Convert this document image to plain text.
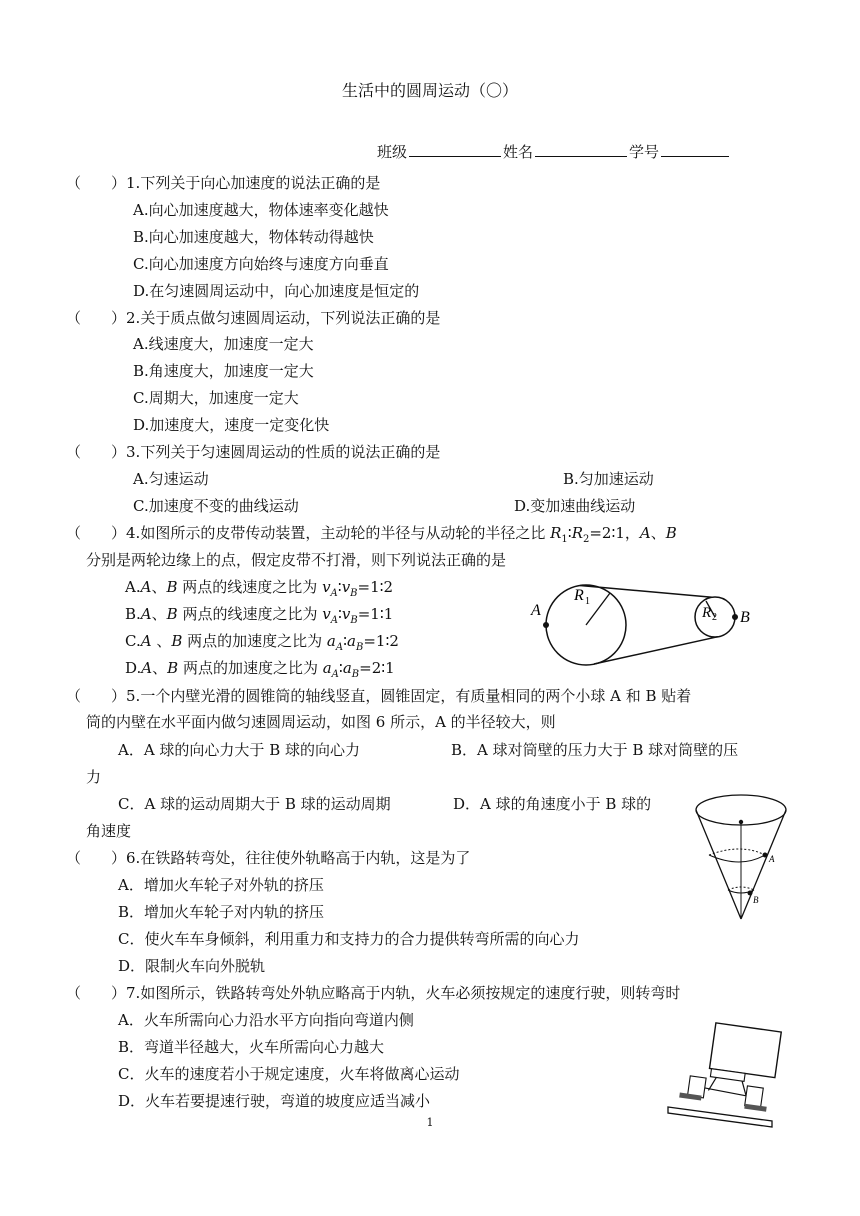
生活中的圆周运动（〇）
班级	姓名	学号
（　　）1.下列关于向心加速度的说法正确的是
A.向心加速度越大，物体速率变化越快
B.向心加速度越大，物体转动得越快
C.向心加速度方向始终与速度方向垂直
D.在匀速圆周运动中，向心加速度是恒定的
（　　）2.关于质点做匀速圆周运动，下列说法正确的是
A.线速度大，加速度一定大
B.角速度大，加速度一定大
C.周期大，加速度一定大
D.加速度大，速度一定变化快
（　　）3.下列关于匀速圆周运动的性质的说法正确的是
A.匀速运动	B.匀加速运动
C.加速度不变的曲线运动	D.变加速曲线运动
（　　）4.如图所示的皮带传动装置，主动轮的半径与从动轮的半径之比 $R_1∶R_2=2∶1$，A、B
分别是两轮边缘上的点，假定皮带不打滑，则下列说法正确的是
A.A、B 两点的线速度之比为 $v_A∶v_B=1∶2$
B.A、B 两点的线速度之比为 $v_A∶v_B=1∶1$
C.A 、B 两点的加速度之比为 $a_A∶a_B=1∶2$
D.A、B 两点的加速度之比为 $a_A∶a_B=2∶1$
A	B
R 1
R 2
（　　）5.一个内壁光滑的圆锥筒的轴线竖直，圆锥固定，有质量相同的两个小球 A 和 B 贴着
筒的内壁在水平面内做匀速圆周运动，如图 6 所示，A 的半径较大，则
A．A 球的向心力大于 B 球的向心力	B．A 球对筒壁的压力大于 B 球对筒壁的压
力
C．A 球的运动周期大于 B 球的运动周期	D．A 球的角速度小于 B 球的
角速度
A
B
（　　）6.在铁路转弯处，往往使外轨略高于内轨，这是为了
A．增加火车轮子对外轨的挤压
B．增加火车轮子对内轨的挤压
C．使火车车身倾斜，利用重力和支持力的合力提供转弯所需的向心力
D．限制火车向外脱轨
（　　）7.如图所示，铁路转弯处外轨应略高于内轨，火车必须按规定的速度行驶，则转弯时
A．火车所需向心力沿水平方向指向弯道内侧
B．弯道半径越大，火车所需向心力越大
C．火车的速度若小于规定速度，火车将做离心运动
D．火车若要提速行驶，弯道的坡度应适当减小
1
